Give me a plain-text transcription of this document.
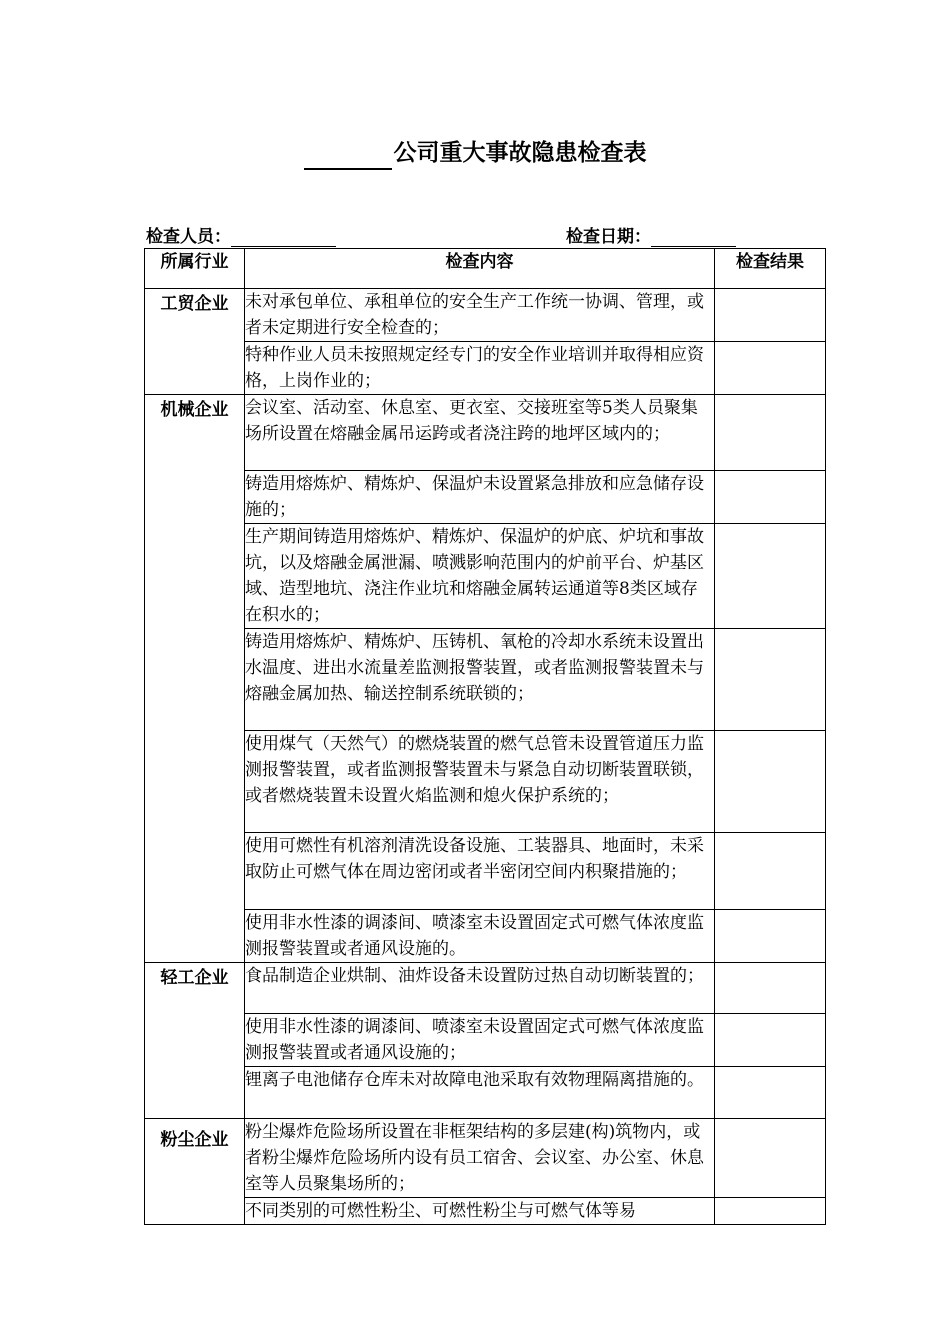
公司重大事故隐患检查表
检查人员：	检查日期：
所属行业	检查内容	检查结果
工贸企业	未对承包单位、承租单位的安全生产工作统一协调、管理，或者未定期进行安全检查的；	
	特种作业人员未按照规定经专门的安全作业培训并取得相应资格，上岗作业的；	
机械企业	会议室、活动室、休息室、更衣室、交接班室等5类人员聚集场所设置在熔融金属吊运跨或者浇注跨的地坪区域内的；	
	铸造用熔炼炉、精炼炉、保温炉未设置紧急排放和应急储存设施的；	
	生产期间铸造用熔炼炉、精炼炉、保温炉的炉底、炉坑和事故坑，以及熔融金属泄漏、喷溅影响范围内的炉前平台、炉基区域、造型地坑、浇注作业坑和熔融金属转运通道等8类区域存在积水的；	
	铸造用熔炼炉、精炼炉、压铸机、氧枪的冷却水系统未设置出水温度、进出水流量差监测报警装置，或者监测报警装置未与熔融金属加热、输送控制系统联锁的；	
	使用煤气（天然气）的燃烧装置的燃气总管未设置管道压力监测报警装置，或者监测报警装置未与紧急自动切断装置联锁，或者燃烧装置未设置火焰监测和熄火保护系统的；	
	使用可燃性有机溶剂清洗设备设施、工装器具、地面时，未采取防止可燃气体在周边密闭或者半密闭空间内积聚措施的；	
	使用非水性漆的调漆间、喷漆室未设置固定式可燃气体浓度监测报警装置或者通风设施的。	
轻工企业	食品制造企业烘制、油炸设备未设置防过热自动切断装置的；	
	使用非水性漆的调漆间、喷漆室未设置固定式可燃气体浓度监测报警装置或者通风设施的；	
	锂离子电池储存仓库未对故障电池采取有效物理隔离措施的。	
粉尘企业	粉尘爆炸危险场所设置在非框架结构的多层建(构)筑物内，或者粉尘爆炸危险场所内设有员工宿舍、会议室、办公室、休息室等人员聚集场所的；	
	不同类别的可燃性粉尘、可燃性粉尘与可燃气体等易	
